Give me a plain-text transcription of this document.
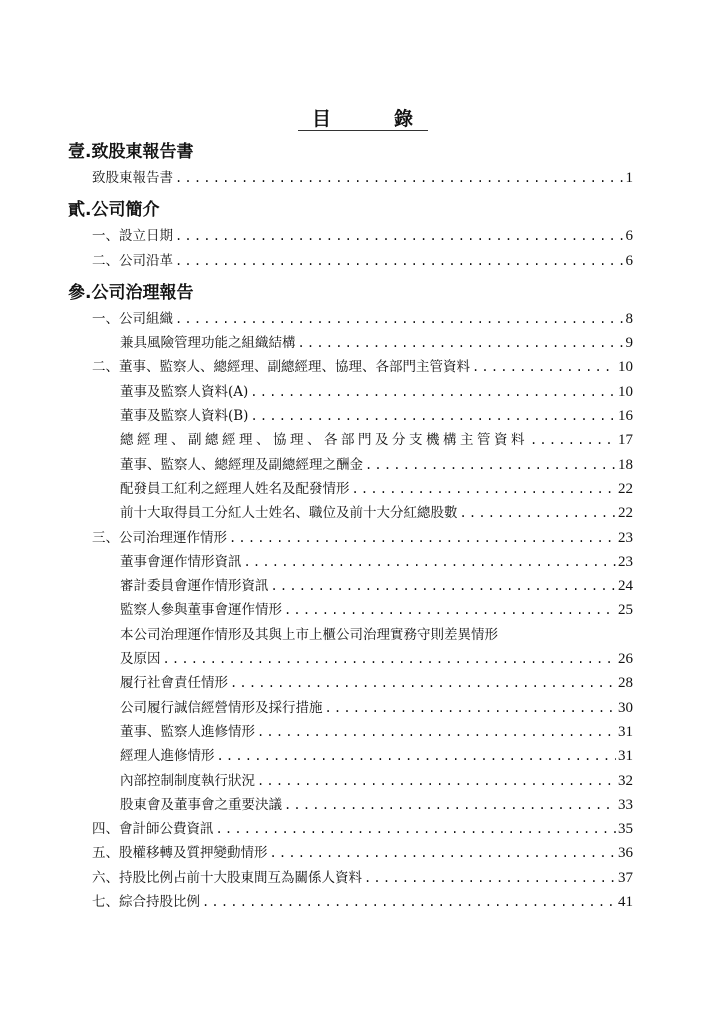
目	錄
壹.致股東報告書
致股東報告書 .....	1
貳.公司簡介
一、設立日期 .....	6
二、公司沿革 .....	6
參.公司治理報告
一、公司組織 .....	8
兼具風險管理功能之組織結構 .....	9
二、董事、監察人、總經理、副總經理、協理、各部門主管資料 .....	10
董事及監察人資料(A) .....	10
董事及監察人資料(B) .....	16
總經理、副總經理、協理、各部門及分支機構主管資料 .....	17
董事、監察人、總經理及副總經理之酬金 .....	18
配發員工紅利之經理人姓名及配發情形 .....	22
前十大取得員工分紅人士姓名、職位及前十大分紅總股數 .....	22
三、公司治理運作情形 .....	23
董事會運作情形資訊 .....	23
審計委員會運作情形資訊 .....	24
監察人參與董事會運作情形 .....	25
本公司治理運作情形及其與上市上櫃公司治理實務守則差異情形
及原因 .....	26
履行社會責任情形 .....	28
公司履行誠信經營情形及採行措施 .....	30
董事、監察人進修情形 .....	31
經理人進修情形 .....	31
內部控制制度執行狀況 .....	32
股東會及董事會之重要決議 .....	33
四、會計師公費資訊 .....	35
五、股權移轉及質押變動情形 .....	36
六、持股比例占前十大股東間互為關係人資料 .....	37
七、綜合持股比例 .....	41
